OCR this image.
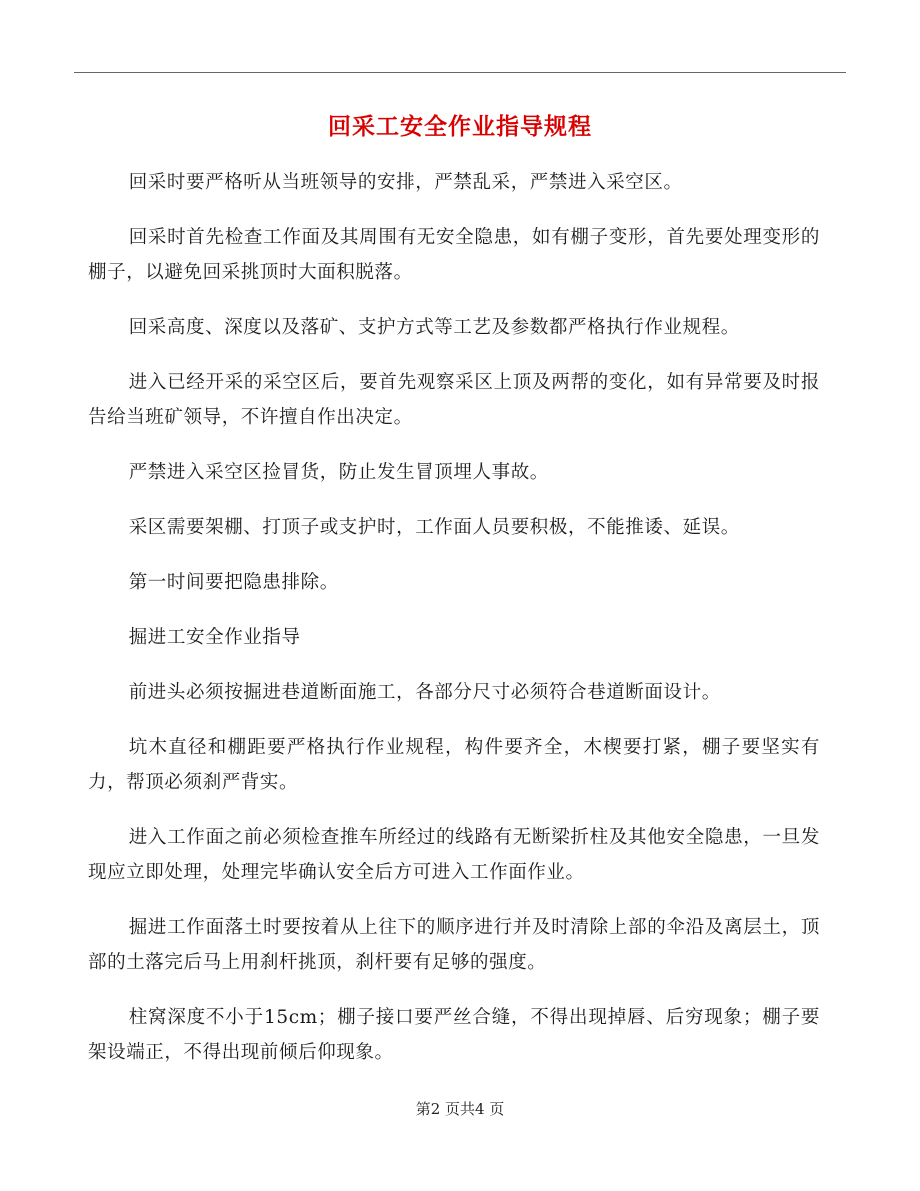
回采工安全作业指导规程

回采时要严格听从当班领导的安排，严禁乱采，严禁进入采空区。

回采时首先检查工作面及其周围有无安全隐患，如有棚子变形，首先要处理变形的棚子，以避免回采挑顶时大面积脱落。

回采高度、深度以及落矿、支护方式等工艺及参数都严格执行作业规程。

进入已经开采的采空区后，要首先观察采区上顶及两帮的变化，如有异常要及时报告给当班矿领导，不许擅自作出决定。

严禁进入采空区捡冒货，防止发生冒顶埋人事故。

采区需要架棚、打顶子或支护时，工作面人员要积极，不能推诿、延误。

第一时间要把隐患排除。

掘进工安全作业指导

前进头必须按掘进巷道断面施工，各部分尺寸必须符合巷道断面设计。

坑木直径和棚距要严格执行作业规程，构件要齐全，木楔要打紧，棚子要坚实有力，帮顶必须刹严背实。

进入工作面之前必须检查推车所经过的线路有无断梁折柱及其他安全隐患，一旦发现应立即处理，处理完毕确认安全后方可进入工作面作业。

掘进工作面落土时要按着从上往下的顺序进行并及时清除上部的伞沿及离层土，顶部的土落完后马上用刹杆挑顶，刹杆要有足够的强度。

柱窝深度不小于15cm；棚子接口要严丝合缝，不得出现掉唇、后穷现象；棚子要架设端正，不得出现前倾后仰现象。

第2 页共4 页
